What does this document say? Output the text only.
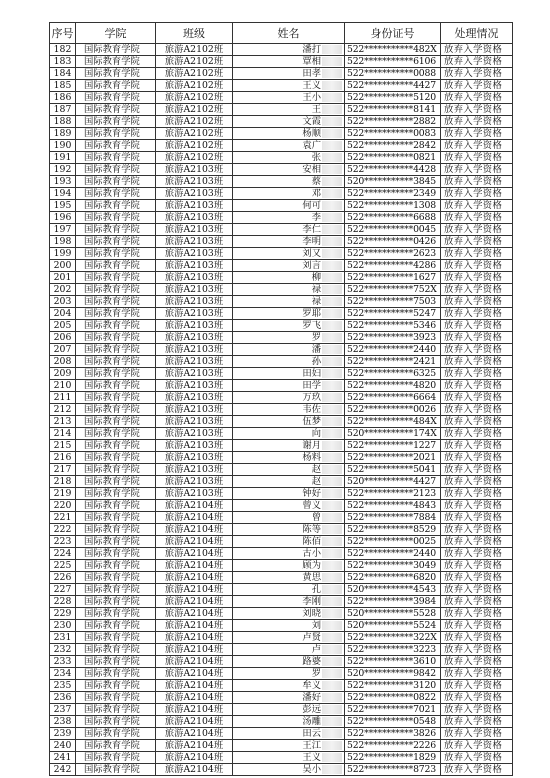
序号	学院	班级	姓名	身份证号	处理情况
182	国际教育学院	旅游A2102班	潘打	522***********482X	放弃入学资格
183	国际教育学院	旅游A2102班	覃相	522***********6106	放弃入学资格
184	国际教育学院	旅游A2102班	田孝	522***********0088	放弃入学资格
185	国际教育学院	旅游A2102班	王义	522***********4427	放弃入学资格
186	国际教育学院	旅游A2102班	王小	522***********5120	放弃入学资格
187	国际教育学院	旅游A2102班	王	522***********8141	放弃入学资格
188	国际教育学院	旅游A2102班	文霞	522***********2882	放弃入学资格
189	国际教育学院	旅游A2102班	杨顺	522***********0083	放弃入学资格
190	国际教育学院	旅游A2102班	袁广	522***********2842	放弃入学资格
191	国际教育学院	旅游A2102班	张	522***********0821	放弃入学资格
192	国际教育学院	旅游A2103班	安相	522***********4428	放弃入学资格
193	国际教育学院	旅游A2103班	蔡	520***********3845	放弃入学资格
194	国际教育学院	旅游A2103班	邓	522***********2349	放弃入学资格
195	国际教育学院	旅游A2103班	何可	522***********1308	放弃入学资格
196	国际教育学院	旅游A2103班	李	522***********6688	放弃入学资格
197	国际教育学院	旅游A2103班	李仁	522***********0045	放弃入学资格
198	国际教育学院	旅游A2103班	李明	522***********0426	放弃入学资格
199	国际教育学院	旅游A2103班	刘又	522***********2623	放弃入学资格
200	国际教育学院	旅游A2103班	刘言	522***********4286	放弃入学资格
201	国际教育学院	旅游A2103班	柳	522***********1627	放弃入学资格
202	国际教育学院	旅游A2103班	禄	522***********752X	放弃入学资格
203	国际教育学院	旅游A2103班	禄	522***********7503	放弃入学资格
204	国际教育学院	旅游A2103班	罗耶	522***********5247	放弃入学资格
205	国际教育学院	旅游A2103班	罗飞	522***********5346	放弃入学资格
206	国际教育学院	旅游A2103班	罗	522***********3923	放弃入学资格
207	国际教育学院	旅游A2103班	潘	522***********2440	放弃入学资格
208	国际教育学院	旅游A2103班	孙	522***********2421	放弃入学资格
209	国际教育学院	旅游A2103班	田妇	522***********6325	放弃入学资格
210	国际教育学院	旅游A2103班	田学	522***********4820	放弃入学资格
211	国际教育学院	旅游A2103班	万玖	522***********6664	放弃入学资格
212	国际教育学院	旅游A2103班	韦佐	522***********0026	放弃入学资格
213	国际教育学院	旅游A2103班	伍梦	522***********484X	放弃入学资格
214	国际教育学院	旅游A2103班	向	520***********174X	放弃入学资格
215	国际教育学院	旅游A2103班	谢月	522***********1227	放弃入学资格
216	国际教育学院	旅游A2103班	杨料	522***********2021	放弃入学资格
217	国际教育学院	旅游A2103班	赵	522***********5041	放弃入学资格
218	国际教育学院	旅游A2103班	赵	520***********4427	放弃入学资格
219	国际教育学院	旅游A2103班	钟好	522***********2123	放弃入学资格
220	国际教育学院	旅游A2104班	曾义	522***********4843	放弃入学资格
221	国际教育学院	旅游A2104班	曾	522***********7884	放弃入学资格
222	国际教育学院	旅游A2104班	陈等	522***********8529	放弃入学资格
223	国际教育学院	旅游A2104班	陈佰	522***********0025	放弃入学资格
224	国际教育学院	旅游A2104班	古小	522***********2440	放弃入学资格
225	国际教育学院	旅游A2104班	顾为	522***********3049	放弃入学资格
226	国际教育学院	旅游A2104班	黄思	522***********6820	放弃入学资格
227	国际教育学院	旅游A2104班	孔	520***********4543	放弃入学资格
228	国际教育学院	旅游A2104班	李刚	522***********3984	放弃入学资格
229	国际教育学院	旅游A2104班	刘晓	520***********5528	放弃入学资格
230	国际教育学院	旅游A2104班	刘	520***********5524	放弃入学资格
231	国际教育学院	旅游A2104班	卢贤	522***********322X	放弃入学资格
232	国际教育学院	旅游A2104班	卢	522***********3223	放弃入学资格
233	国际教育学院	旅游A2104班	路婆	522***********3610	放弃入学资格
234	国际教育学院	旅游A2104班	罗	520***********9842	放弃入学资格
235	国际教育学院	旅游A2104班	牟义	522***********3120	放弃入学资格
236	国际教育学院	旅游A2104班	潘好	522***********0822	放弃入学资格
237	国际教育学院	旅游A2104班	彭远	522***********7021	放弃入学资格
238	国际教育学院	旅游A2104班	汤雕	522***********0548	放弃入学资格
239	国际教育学院	旅游A2104班	田云	522***********3826	放弃入学资格
240	国际教育学院	旅游A2104班	王江	522***********2226	放弃入学资格
241	国际教育学院	旅游A2104班	王义	522***********1829	放弃入学资格
242	国际教育学院	旅游A2104班	吴小	522***********8723	放弃入学资格
